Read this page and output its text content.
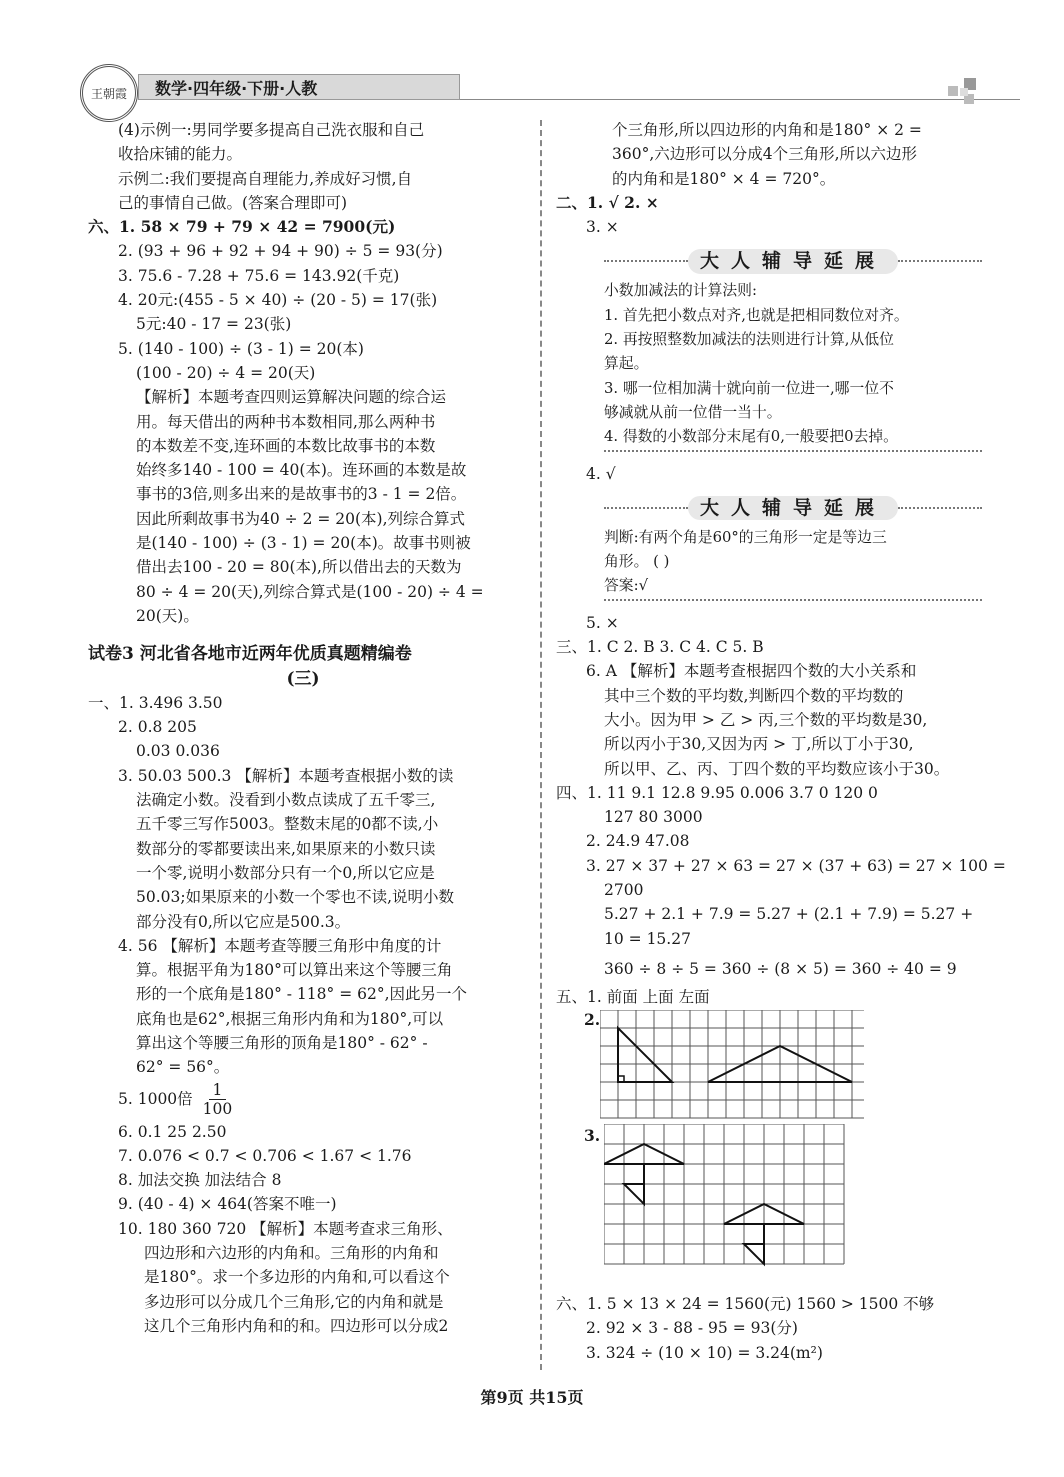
王朝霞	数学·四年级·下册·人教
(4)示例一:男同学要多提高自己洗衣服和自己
收拾床铺的能力。
示例二:我们要提高自理能力,养成好习惯,自
己的事情自己做。(答案合理即可)
六、1. 58 × 79 + 79 × 42 = 7900(元)
2. (93 + 96 + 92 + 94 + 90) ÷ 5 = 93(分)
3. 75.6 - 7.28 + 75.6 = 143.92(千克)
4. 20元:(455 - 5 × 40) ÷ (20 - 5) = 17(张)
5元:40 - 17 = 23(张)
5. (140 - 100) ÷ (3 - 1) = 20(本)
(100 - 20) ÷ 4 = 20(天)
【解析】本题考查四则运算解决问题的综合运
用。每天借出的两种书本数相同,那么两种书
的本数差不变,连环画的本数比故事书的本数
始终多140 - 100 = 40(本)。连环画的本数是故
事书的3倍,则多出来的是故事书的3 - 1 = 2倍。
因此所剩故事书为40 ÷ 2 = 20(本),列综合算式
是(140 - 100) ÷ (3 - 1) = 20(本)。故事书则被
借出去100 - 20 = 80(本),所以借出去的天数为
80 ÷ 4 = 20(天),列综合算式是(100 - 20) ÷ 4 =
20(天)。
试卷3 河北省各地市近两年优质真题精编卷
(三)
一、1. 3.496 3.50
2. 0.8 205
0.03 0.036
3. 50.03 500.3 【解析】本题考查根据小数的读
法确定小数。没看到小数点读成了五千零三,
五千零三写作5003。整数末尾的0都不读,小
数部分的零都要读出来,如果原来的小数只读
一个零,说明小数部分只有一个0,所以它应是
50.03;如果原来的小数一个零也不读,说明小数
部分没有0,所以它应是500.3。
4. 56 【解析】本题考查等腰三角形中角度的计
算。根据平角为180°可以算出来这个等腰三角
形的一个底角是180° - 118° = 62°,因此另一个
底角也是62°,根据三角形内角和为180°,可以
算出这个等腰三角形的顶角是180° - 62° -
62° = 56°。
5. 1000倍 $\frac{1}{100}$
6. 0.1 25 2.50
7. 0.076 < 0.7 < 0.706 < 1.67 < 1.76
8. 加法交换 加法结合 8
9. (40 - 4) × 464(答案不唯一)
10. 180 360 720 【解析】本题考查求三角形、
四边形和六边形的内角和。三角形的内角和
是180°。求一个多边形的内角和,可以看这个
多边形可以分成几个三角形,它的内角和就是
这几个三角形内角和的和。四边形可以分成2
个三角形,所以四边形的内角和是180° × 2 =
360°,六边形可以分成4个三角形,所以六边形
的内角和是180° × 4 = 720°。
二、1. √ 2. ×
3. ×
大人辅导延展
小数加减法的计算法则:
1. 首先把小数点对齐,也就是把相同数位对齐。
2. 再按照整数加减法的法则进行计算,从低位
算起。
3. 哪一位相加满十就向前一位进一,哪一位不
够减就从前一位借一当十。
4. 得数的小数部分末尾有0,一般要把0去掉。
4. √
大人辅导延展
判断:有两个角是60°的三角形一定是等边三
角形。 ( )
答案:√
5. ×
三、1. C 2. B 3. C 4. C 5. B
6. A 【解析】本题考查根据四个数的大小关系和
其中三个数的平均数,判断四个数的平均数的
大小。因为甲 > 乙 > 丙,三个数的平均数是30,
所以丙小于30,又因为丙 > 丁,所以丁小于30,
所以甲、乙、丙、丁四个数的平均数应该小于30。
四、1. 11 9.1 12.8 9.95 0.006 3.7 0 120 0
127 80 3000
2. 24.9 47.08
3. 27 × 37 + 27 × 63 = 27 × (37 + 63) = 27 × 100 =
2700
5.27 + 2.1 + 7.9 = 5.27 + (2.1 + 7.9) = 5.27 +
10 = 15.27
360 ÷ 8 ÷ 5 = 360 ÷ (8 × 5) = 360 ÷ 40 = 9
五、1. 前面 上面 左面
2.
3.
六、1. 5 × 13 × 24 = 1560(元) 1560 > 1500 不够
2. 92 × 3 - 88 - 95 = 93(分)
3. 324 ÷ (10 × 10) = 3.24(m²)
第9页 共15页
